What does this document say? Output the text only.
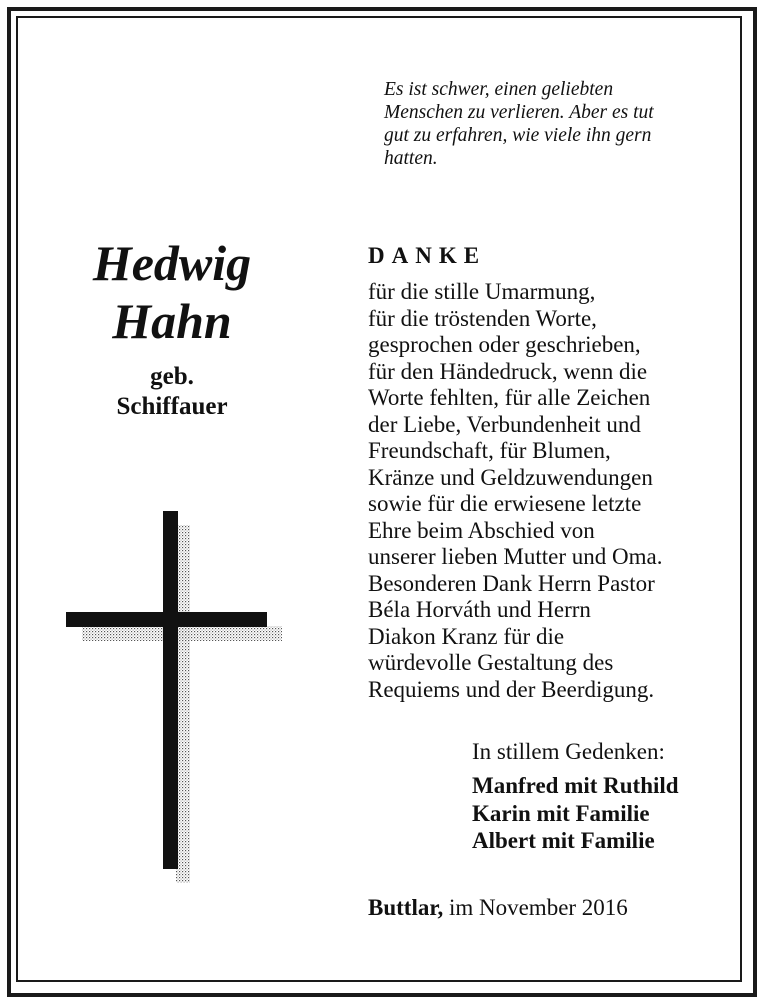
Es ist schwer, einen geliebten
Menschen zu verlieren. Aber es tut
gut zu erfahren, wie viele ihn gern
hatten.
Hedwig
Hahn
geb.
Schiffauer
DANKE
für die stille Umarmung,
für die tröstenden Worte,
gesprochen oder geschrieben,
für den Händedruck, wenn die
Worte fehlten, für alle Zeichen
der Liebe, Verbundenheit und
Freundschaft, für Blumen,
Kränze und Geldzuwendungen
sowie für die erwiesene letzte
Ehre beim Abschied von
unserer lieben Mutter und Oma.
Besonderen Dank Herrn Pastor
Béla Horváth und Herrn
Diakon Kranz für die
würdevolle Gestaltung des
Requiems und der Beerdigung.
In stillem Gedenken:
Manfred mit Ruthild
Karin mit Familie
Albert mit Familie
Buttlar, im November 2016
